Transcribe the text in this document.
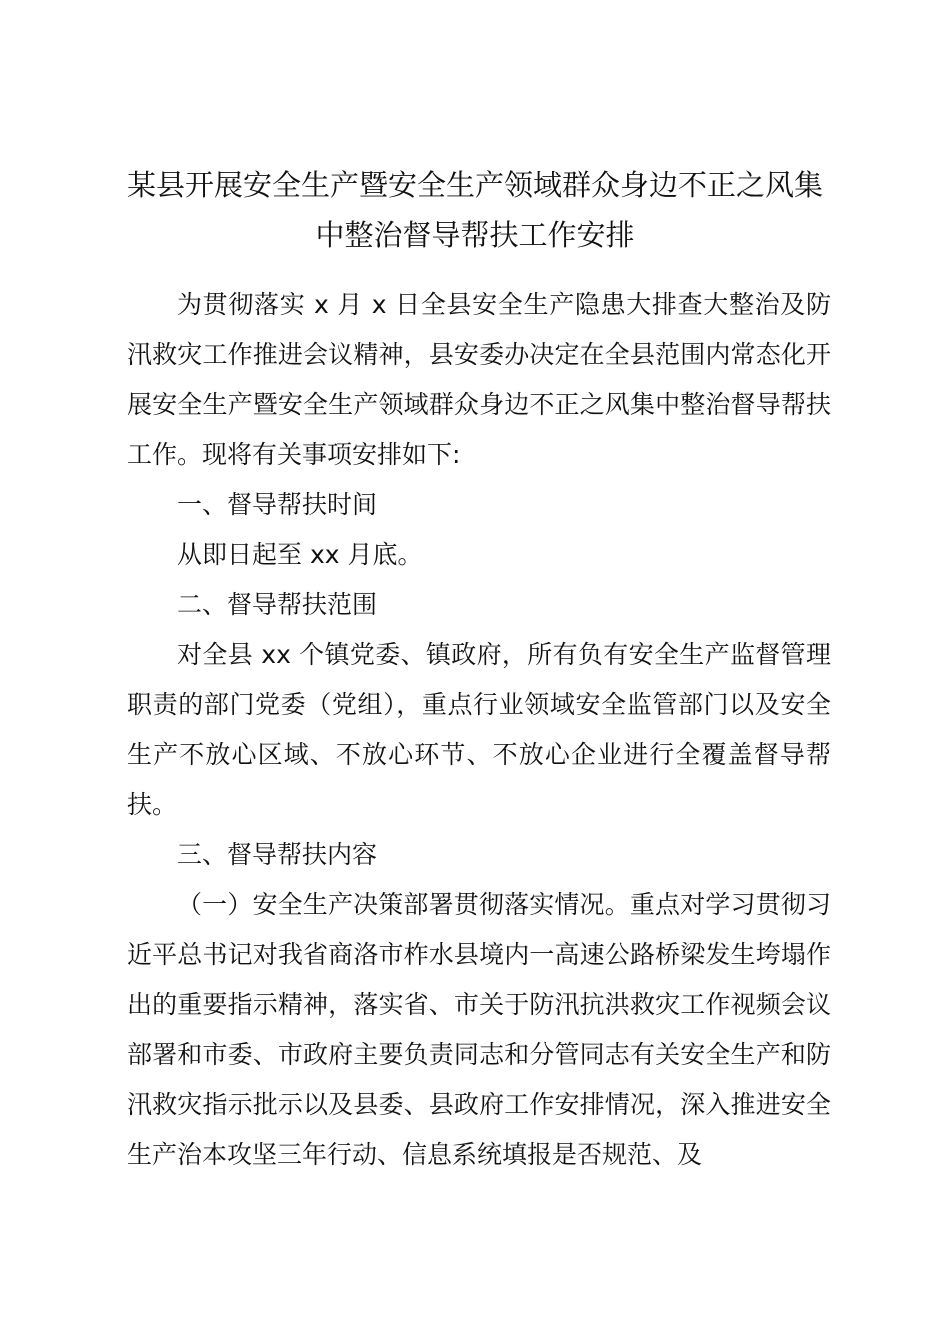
某县开展安全生产暨安全生产领域群众身边不正之风集中整治督导帮扶工作安排

为贯彻落实 x 月 x 日全县安全生产隐患大排查大整治及防汛救灾工作推进会议精神，县安委办决定在全县范围内常态化开展安全生产暨安全生产领域群众身边不正之风集中整治督导帮扶工作。现将有关事项安排如下:

一、督导帮扶时间

从即日起至 xx 月底。

二、督导帮扶范围

对全县 xx 个镇党委、镇政府，所有负有安全生产监督管理职责的部门党委（党组），重点行业领域安全监管部门以及安全生产不放心区域、不放心环节、不放心企业进行全覆盖督导帮扶。

三、督导帮扶内容

（一）安全生产决策部署贯彻落实情况。重点对学习贯彻习近平总书记对我省商洛市柞水县境内一高速公路桥梁发生垮塌作出的重要指示精神，落实省、市关于防汛抗洪救灾工作视频会议部署和市委、市政府主要负责同志和分管同志有关安全生产和防汛救灾指示批示以及县委、县政府工作安排情况，深入推进安全生产治本攻坚三年行动、信息系统填报是否规范、及
